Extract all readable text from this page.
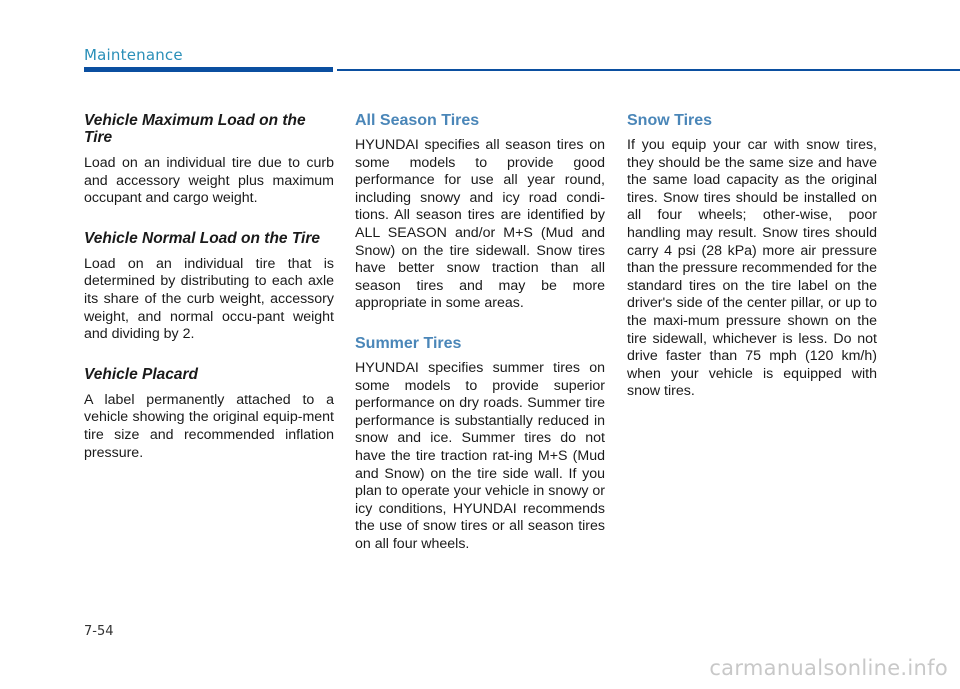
Maintenance
Vehicle Maximum Load on the Tire

Load on an individual tire due to curb and accessory weight plus maximum occupant and cargo weight.

Vehicle Normal Load on the Tire

Load on an individual tire that is determined by distributing to each axle its share of the curb weight, accessory weight, and normal occu-pant weight and dividing by 2.

Vehicle Placard

A label permanently attached to a vehicle showing the original equip-ment tire size and recommended inflation pressure.

All Season Tires

HYUNDAI specifies all season tires on some models to provide good performance for use all year round, including snowy and icy road condi-tions. All season tires are identified by ALL SEASON and/or M+S (Mud and Snow) on the tire sidewall. Snow tires have better snow traction than all season tires and may be more appropriate in some areas.

Summer Tires

HYUNDAI specifies summer tires on some models to provide superior performance on dry roads. Summer tire performance is substantially reduced in snow and ice. Summer tires do not have the tire traction rat-ing M+S (Mud and Snow) on the tire side wall. If you plan to operate your vehicle in snowy or icy conditions, HYUNDAI recommends the use of snow tires or all season tires on all four wheels.

Snow Tires

If you equip your car with snow tires, they should be the same size and have the same load capacity as the original tires. Snow tires should be installed on all four wheels; other-wise, poor handling may result. Snow tires should carry 4 psi (28 kPa) more air pressure than the pressure recommended for the standard tires on the tire label on the driver's side of the center pillar, or up to the maxi-mum pressure shown on the tire sidewall, whichever is less. Do not drive faster than 75 mph (120 km/h) when your vehicle is equipped with snow tires.

7-54
carmanualsonline.info
